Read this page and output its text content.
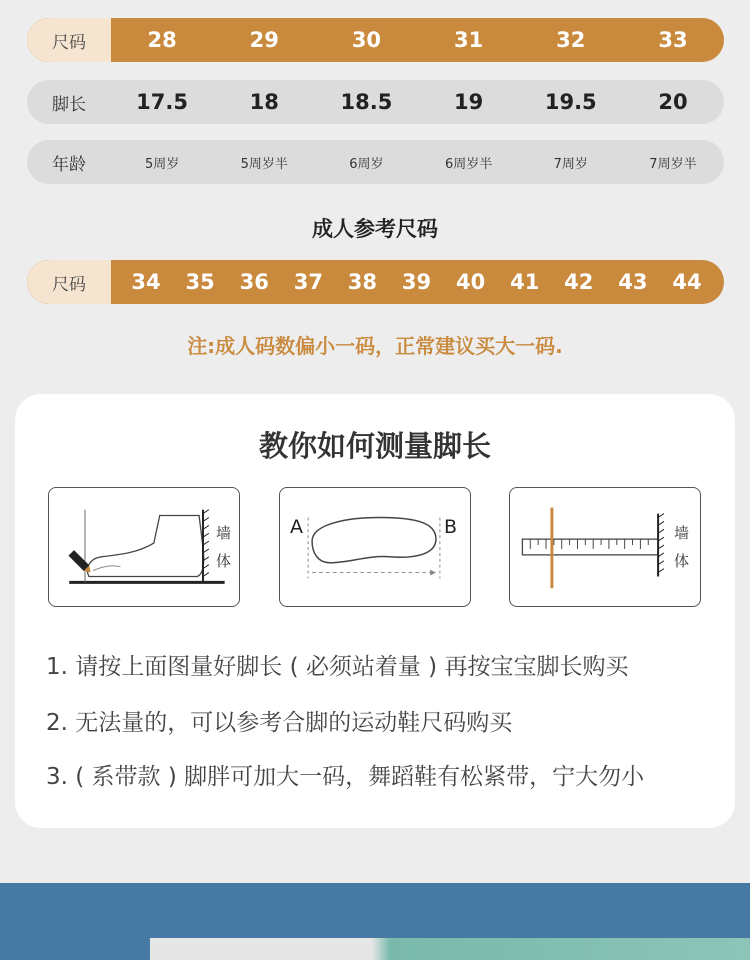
尺码	28	29	30	31	32	33
脚长	17.5	18	18.5	19	19.5	20
年龄	5周岁	5周岁半	6周岁	6周岁半	7周岁	7周岁半
成人参考尺码
尺码	34	35	36	37	38	39	40	41	42	43	44
注:成人码数偏小一码，正常建议买大一码.
教你如何测量脚长
墙
体
A	B	墙
体
1. 请按上面图量好脚长 ( 必须站着量 ) 再按宝宝脚长购买
2. 无法量的，可以参考合脚的运动鞋尺码购买
3. ( 系带款 ) 脚胖可加大一码，舞蹈鞋有松紧带，宁大勿小
